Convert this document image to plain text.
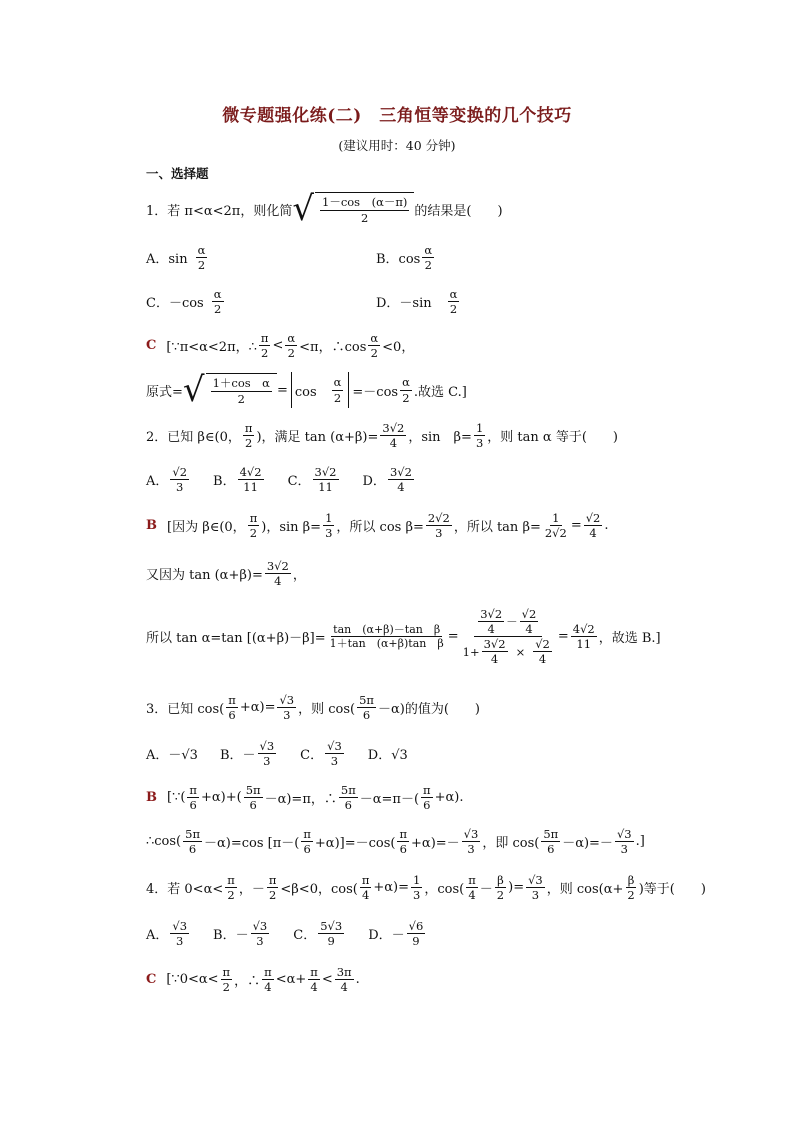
微专题强化练(二)　三角恒等变换的几个技巧
(建议用时：40 分钟)
一、选择题
1．若 π<α<2π，则化简 √ $\frac{1-\cos (\alpha-\pi)}{2}$ 的结果是(　　)
A．$\sin \frac{\alpha}{2}$	B．$\cos \frac{\alpha}{2}$
C．$-\cos \frac{\alpha}{2}$	D．$-\sin \frac{\alpha}{2}$
C [∵π<α<2π，∴ $\frac{\pi}{2} < \frac{\alpha}{2} <\pi$，∴cos $\frac{\alpha}{2} <0$，
原式= √ $\frac{\text{1＋cos　α}}{2} = \cos$　 $\frac{\alpha}{2} =-\cos \frac{\alpha}{2}$ .故选 C.]
2．已知 β∈(0， $\frac{\pi}{2}$ )，满足 $\tan (\alpha+\beta)= \frac{3√2}{4}$ ，sin　$\beta= \frac{1}{3}$ ，则 tan α 等于(　　)
A． $\frac{√2}{3}$ B． $\frac{4√2}{11}$ C． $\frac{3√2}{11}$ D． $\frac{3√2}{4}$
B [因为 β∈(0， $\frac{\pi}{2}$ )，$\sin \beta= \frac{1}{3}$ ，所以 $\cos \beta= \frac{2√2}{3}$ ，所以 $\tan \beta= \frac{1}{2√2} = \frac{√2}{4}$ .
又因为 $\tan (\alpha+\beta)= \frac{3√2}{4}$ ，
所以 tan α=tan $[(\alpha+\beta)-\beta]= \frac{\text{tan　(α+β)－tan　β}}{\text{1＋tan　(α+β)tan　β}} = \frac{\frac{3√2}{4} - \frac{√2}{4}}{1+ \frac{3√2}{4} \times \frac{√2}{4}} = \frac{4√2}{11}$ ，故选 B.]
3．已知 $\cos( \frac{\pi}{6} +\alpha)= \frac{√3}{3}$ ，则 $\cos( \frac{5\pi}{6} -\alpha)$的值为(　　)
A．－√3 B．－ $\frac{√3}{3}$ C． $\frac{√3}{3}$ D．√3
B [∵( $\frac{\pi}{6} +\alpha)+( \frac{5\pi}{6} -\alpha)=\pi$，∴ $\frac{5\pi}{6} -\alpha=\pi-( \frac{\pi}{6} +\alpha)$.
∴cos( $\frac{5\pi}{6} -\alpha)=\cos$ $[\pi-( \frac{\pi}{6} +\alpha)]=-\cos( \frac{\pi}{6} +\alpha)=- \frac{√3}{3}$ ，即 $\cos( \frac{5\pi}{6} -\alpha)=- \frac{√3}{3}$ .]
4．若 $0<\alpha< \frac{\pi}{2}$ ，－ $\frac{\pi}{2} <\beta<0$，$\cos( \frac{\pi}{4} +\alpha)= \frac{1}{3}$ ，$\cos( \frac{\pi}{4} - \frac{\beta}{2}$ )= $\frac{√3}{3}$ ，则 $\cos(\alpha+ \frac{\beta}{2}$ )等于(　　)
A． $\frac{√3}{3}$ B．－ $\frac{√3}{3}$ C． $\frac{5√3}{9}$ D．－ $\frac{√6}{9}$
C [∵0<α< $\frac{\pi}{2}$ ，∴ $\frac{\pi}{4} <\alpha+ \frac{\pi}{4} < \frac{3\pi}{4}$ .
